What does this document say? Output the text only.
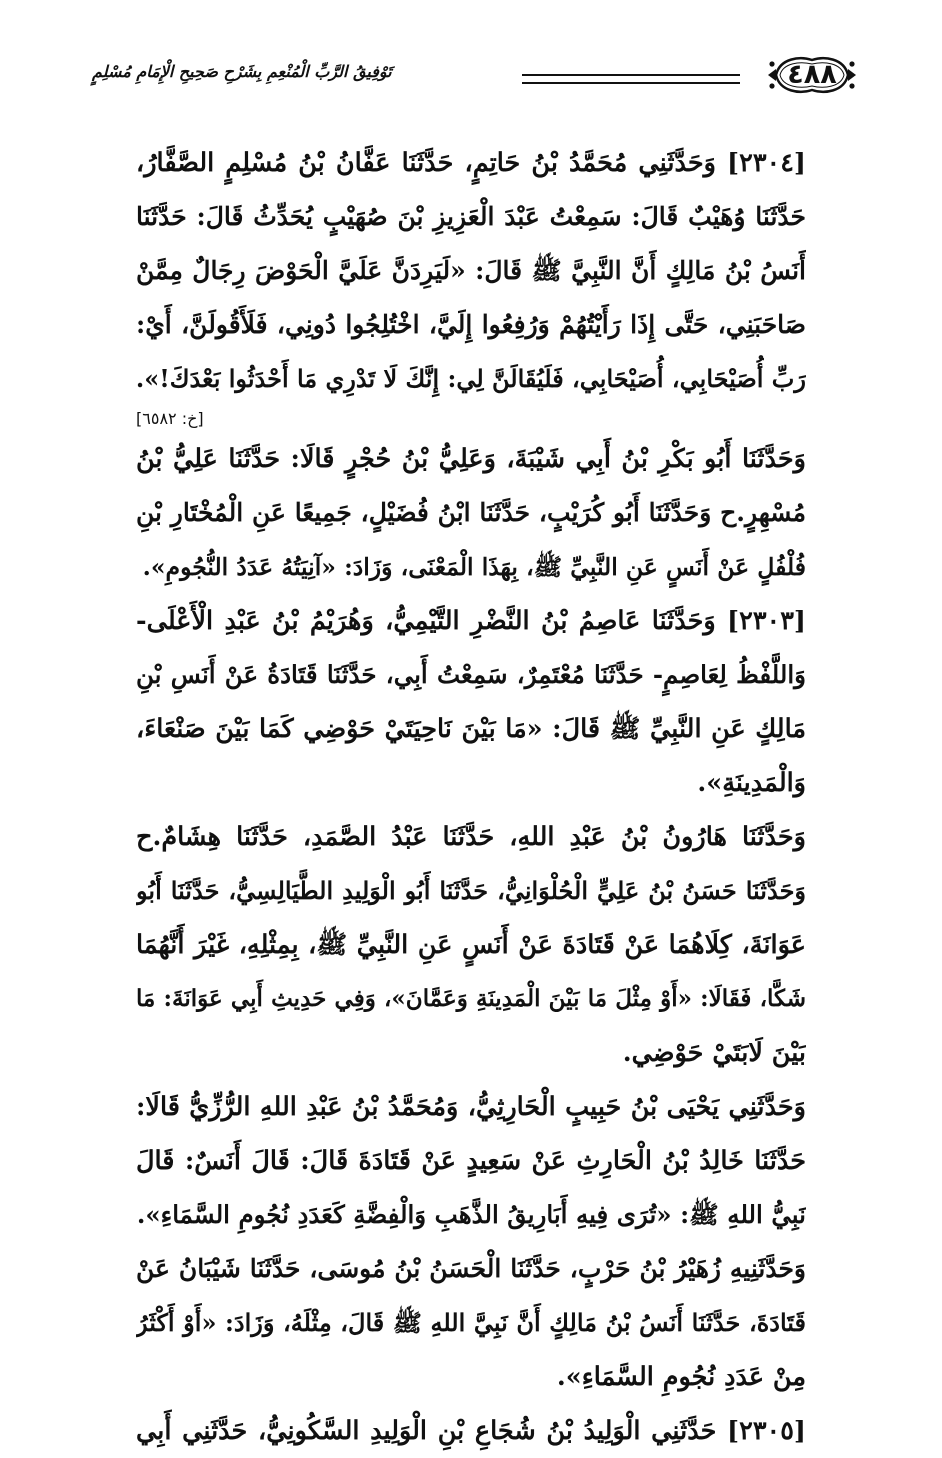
٤٨٨
تَوْفِيقُ الرَّبِّ الْمُنْعِمِ بِشَرْحِ صَحِيحِ الْإِمَامِ مُسْلِمٍ
[٢٣٠٤] وَحَدَّثَنِي مُحَمَّدُ بْنُ حَاتِمٍ، حَدَّثَنَا عَفَّانُ بْنُ مُسْلِمٍ الصَّفَّارُ،
حَدَّثَنَا وُهَيْبٌ قَالَ: سَمِعْتُ عَبْدَ الْعَزِيزِ بْنَ صُهَيْبٍ يُحَدِّثُ قَالَ: حَدَّثَنَا
أَنَسُ بْنُ مَالِكٍ أَنَّ النَّبِيَّ ﷺ قَالَ: «لَيَرِدَنَّ عَلَيَّ الْحَوْضَ رِجَالٌ مِمَّنْ
صَاحَبَنِي، حَتَّى إِذَا رَأَيْتُهُمْ وَرُفِعُوا إِلَيَّ، اخْتُلِجُوا دُونِي، فَلَأَقُولَنَّ، أَيْ:
رَبِّ أُصَيْحَابِي، أُصَيْحَابِي، فَلَيُقَالَنَّ لِي: إِنَّكَ لَا تَدْرِي مَا أَحْدَثُوا بَعْدَكَ!».
[خ: ٦٥٨٢]
وَحَدَّثَنَا أَبُو بَكْرِ بْنُ أَبِي شَيْبَةَ، وَعَلِيُّ بْنُ حُجْرٍ قَالَا: حَدَّثَنَا عَلِيُّ بْنُ
مُسْهِرٍ.ح وَحَدَّثَنَا أَبُو كُرَيْبٍ، حَدَّثَنَا ابْنُ فُضَيْلٍ، جَمِيعًا عَنِ الْمُخْتَارِ بْنِ
فُلْفُلٍ عَنْ أَنَسٍ عَنِ النَّبِيِّ ﷺ، بِهَذَا الْمَعْنَى، وَزَادَ: «آنِيَتُهُ عَدَدُ النُّجُومِ».
[٢٣٠٣] وَحَدَّثَنَا عَاصِمُ بْنُ النَّضْرِ التَّيْمِيُّ، وَهُرَيْمُ بْنُ عَبْدِ الْأَعْلَى-
وَاللَّفْظُ لِعَاصِمٍ- حَدَّثَنَا مُعْتَمِرٌ، سَمِعْتُ أَبِي، حَدَّثَنَا قَتَادَةُ عَنْ أَنَسِ بْنِ
مَالِكٍ عَنِ النَّبِيِّ ﷺ قَالَ: «مَا بَيْنَ نَاحِيَتَيْ حَوْضِي كَمَا بَيْنَ صَنْعَاءَ،
وَالْمَدِينَةِ».
وَحَدَّثَنَا هَارُونُ بْنُ عَبْدِ اللهِ، حَدَّثَنَا عَبْدُ الصَّمَدِ، حَدَّثَنَا هِشَامٌ.ح
وَحَدَّثَنَا حَسَنُ بْنُ عَلِيٍّ الْحُلْوَانِيُّ، حَدَّثَنَا أَبُو الْوَلِيدِ الطَّيَالِسِيُّ، حَدَّثَنَا أَبُو
عَوَانَةَ، كِلَاهُمَا عَنْ قَتَادَةَ عَنْ أَنَسٍ عَنِ النَّبِيِّ ﷺ، بِمِثْلِهِ، غَيْرَ أَنَّهُمَا
شَكَّا، فَقَالَا: «أَوْ مِثْلَ مَا بَيْنَ الْمَدِينَةِ وَعَمَّانَ»، وَفِي حَدِيثِ أَبِي عَوَانَةَ: مَا
بَيْنَ لَابَتَيْ حَوْضِي.
وَحَدَّثَنِي يَحْيَى بْنُ حَبِيبٍ الْحَارِثِيُّ، وَمُحَمَّدُ بْنُ عَبْدِ اللهِ الرُّزِّيُّ قَالَا:
حَدَّثَنَا خَالِدُ بْنُ الْحَارِثِ عَنْ سَعِيدٍ عَنْ قَتَادَةَ قَالَ: قَالَ أَنَسٌ: قَالَ
نَبِيُّ اللهِ ﷺ: «تُرَى فِيهِ أَبَارِيقُ الذَّهَبِ وَالْفِضَّةِ كَعَدَدِ نُجُومِ السَّمَاءِ».
وَحَدَّثَنِيهِ زُهَيْرُ بْنُ حَرْبٍ، حَدَّثَنَا الْحَسَنُ بْنُ مُوسَى، حَدَّثَنَا شَيْبَانُ عَنْ
قَتَادَةَ، حَدَّثَنَا أَنَسُ بْنُ مَالِكٍ أَنَّ نَبِيَّ اللهِ ﷺ قَالَ، مِثْلَهُ، وَزَادَ: «أَوْ أَكْثَرُ
مِنْ عَدَدِ نُجُومِ السَّمَاءِ».
[٢٣٠٥] حَدَّثَنِي الْوَلِيدُ بْنُ شُجَاعِ بْنِ الْوَلِيدِ السَّكُونِيُّ، حَدَّثَنِي أَبِي
